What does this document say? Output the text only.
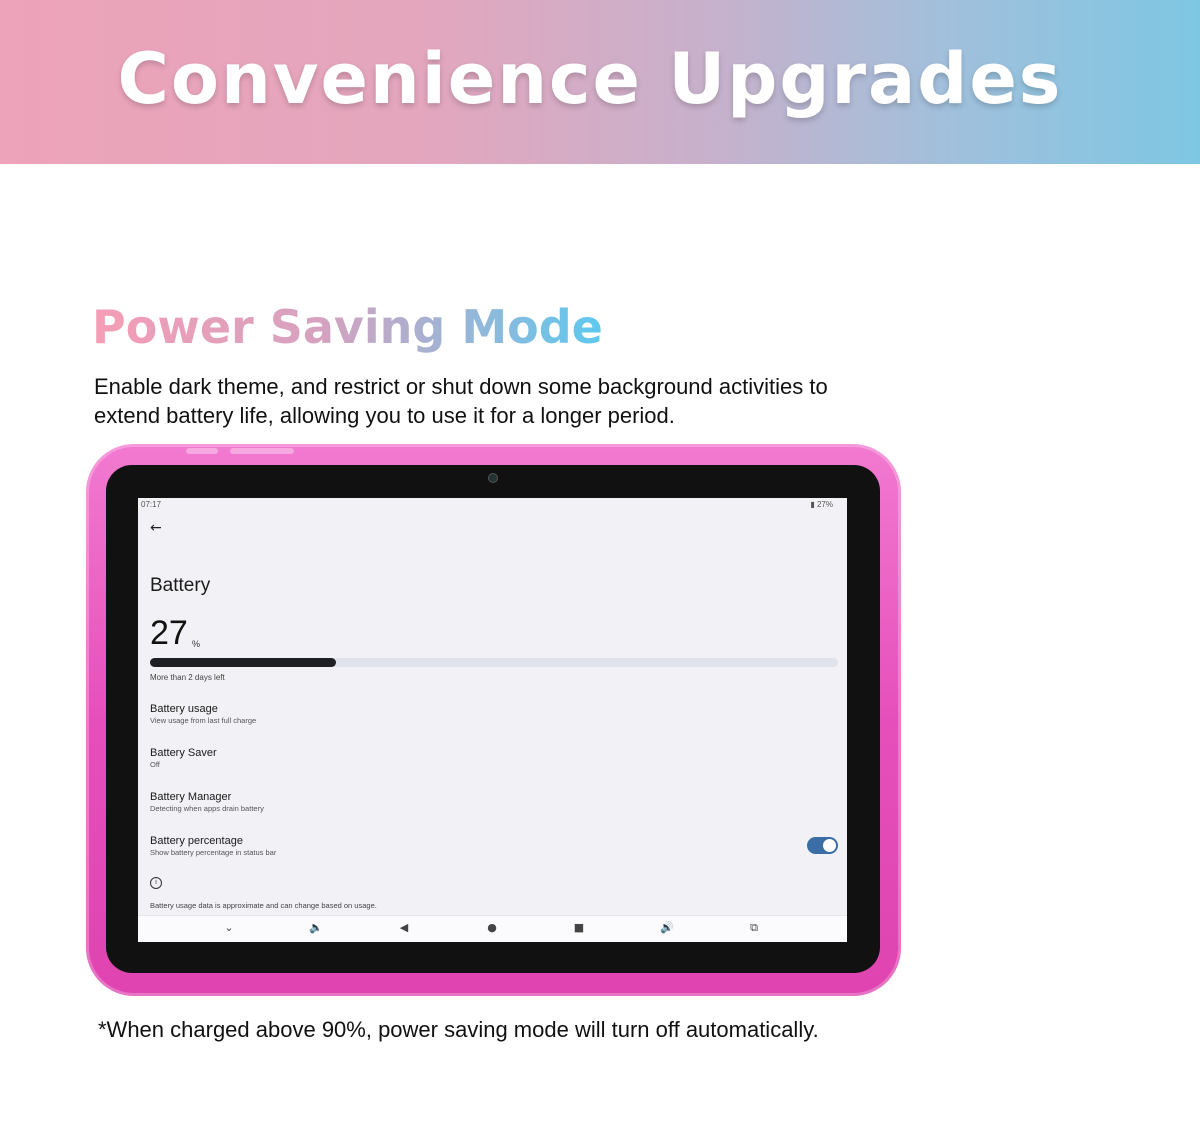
Convenience Upgrades
Power Saving Mode
Enable dark theme, and restrict or shut down some background activities to extend battery life, allowing you to use it for a longer period.
07:17	▮ 27%
←
Battery
27 %
More than 2 days left
Battery usage
View usage from last full charge
Battery Saver
Off
Battery Manager
Detecting when apps drain battery
Battery percentage
Show battery percentage in status bar
i
Battery usage data is approximate and can change based on usage.
⌄	🔈	◀	●	■	🔊	⧉
*When charged above 90%, power saving mode will turn off automatically.
